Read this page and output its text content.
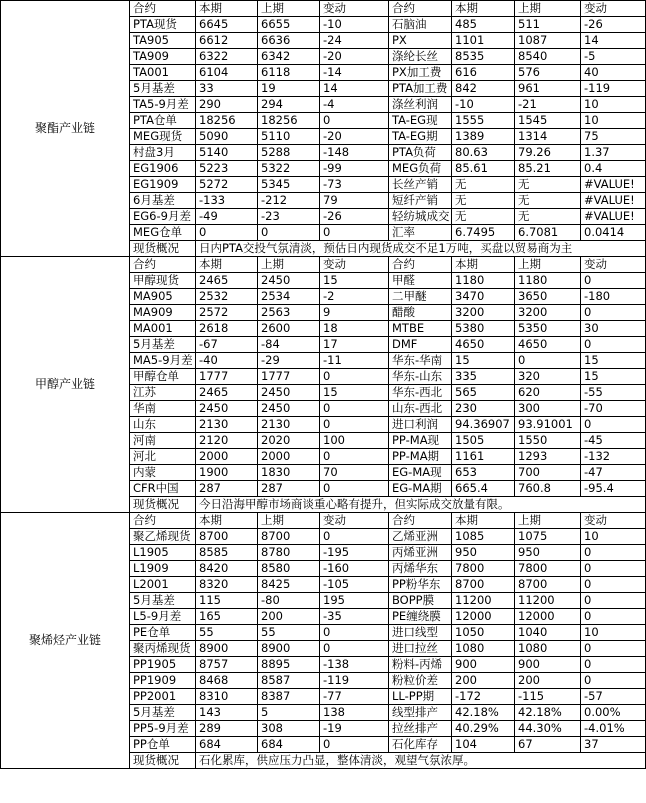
聚酯产业链	合约	本期	上期	变动	合约	本期	上期	变动
	PTA现货	6645	6655	-10	石脑油	485	511	-26
	TA905	6612	6636	-24	PX	1101	1087	14
	TA909	6322	6342	-20	涤纶长丝	8535	8540	-5
	TA001	6104	6118	-14	PX加工费	616	576	40
	5月基差	33	19	14	PTA加工费	842	961	-119
	TA5-9月差	290	294	-4	涤丝利润	-10	-21	10
	PTA仓单	18256	18256	0	TA-EG现	1555	1545	10
	MEG现货	5090	5110	-20	TA-EG期	1389	1314	75
	村盘3月	5140	5288	-148	PTA负荷	80.63	79.26	1.37
	EG1906	5223	5322	-99	MEG负荷	85.61	85.21	0.4
	EG1909	5272	5345	-73	长丝产销	无	无	#VALUE!
	6月基差	-133	-212	79	短纤产销	无	无	#VALUE!
	EG6-9月差	-49	-23	-26	轻纺城成交	无	无	#VALUE!
	MEG仓单	0	0	0	汇率	6.7495	6.7081	0.0414
	现货概况	日内PTA交投气氛清淡，预估日内现货成交不足1万吨，买盘以贸易商为主						
甲醇产业链	合约	本期	上期	变动	合约	本期	上期	变动
	甲醇现货	2465	2450	15	甲醛	1180	1180	0
	MA905	2532	2534	-2	二甲醚	3470	3650	-180
	MA909	2572	2563	9	醋酸	3200	3200	0
	MA001	2618	2600	18	MTBE	5380	5350	30
	5月基差	-67	-84	17	DMF	4650	4650	0
	MA5-9月差	-40	-29	-11	华东-华南	15	0	15
	甲醇仓单	1777	1777	0	华东-山东	335	320	15
	江苏	2465	2450	15	华东-西北	565	620	-55
	华南	2450	2450	0	山东-西北	230	300	-70
	山东	2130	2130	0	进口利润	94.36907	93.91001	0
	河南	2120	2020	100	PP-MA现	1505	1550	-45
	河北	2000	2000	0	PP-MA期	1161	1293	-132
	内蒙	1900	1830	70	EG-MA现	653	700	-47
	CFR中国	287	287	0	EG-MA期	665.4	760.8	-95.4
	现货概况	今日沿海甲醇市场商谈重心略有提升，但实际成交放量有限。						
聚烯烃产业链	合约	本期	上期	变动	合约	本期	上期	变动
	聚乙烯现货	8700	8700	0	乙烯亚洲	1085	1075	10
	L1905	8585	8780	-195	丙烯亚洲	950	950	0
	L1909	8420	8580	-160	丙烯华东	7800	7800	0
	L2001	8320	8425	-105	PP粉华东	8700	8700	0
	5月基差	115	-80	195	BOPP膜	11200	11200	0
	L5-9月差	165	200	-35	PE缠绕膜	12000	12000	0
	PE仓单	55	55	0	进口线型	1050	1040	10
	聚丙烯现货	8900	8900	0	进口拉丝	1080	1080	0
	PP1905	8757	8895	-138	粉料-丙烯	900	900	0
	PP1909	8468	8587	-119	粉粒价差	200	200	0
	PP2001	8310	8387	-77	LL-PP期	-172	-115	-57
	5月基差	143	5	138	线型排产	42.18%	42.18%	0.00%
	PP5-9月差	289	308	-19	拉丝排产	40.29%	44.30%	-4.01%
	PP仓单	684	684	0	石化库存	104	67	37
	现货概况	石化累库，供应压力凸显，整体清淡，观望气氛浓厚。						
